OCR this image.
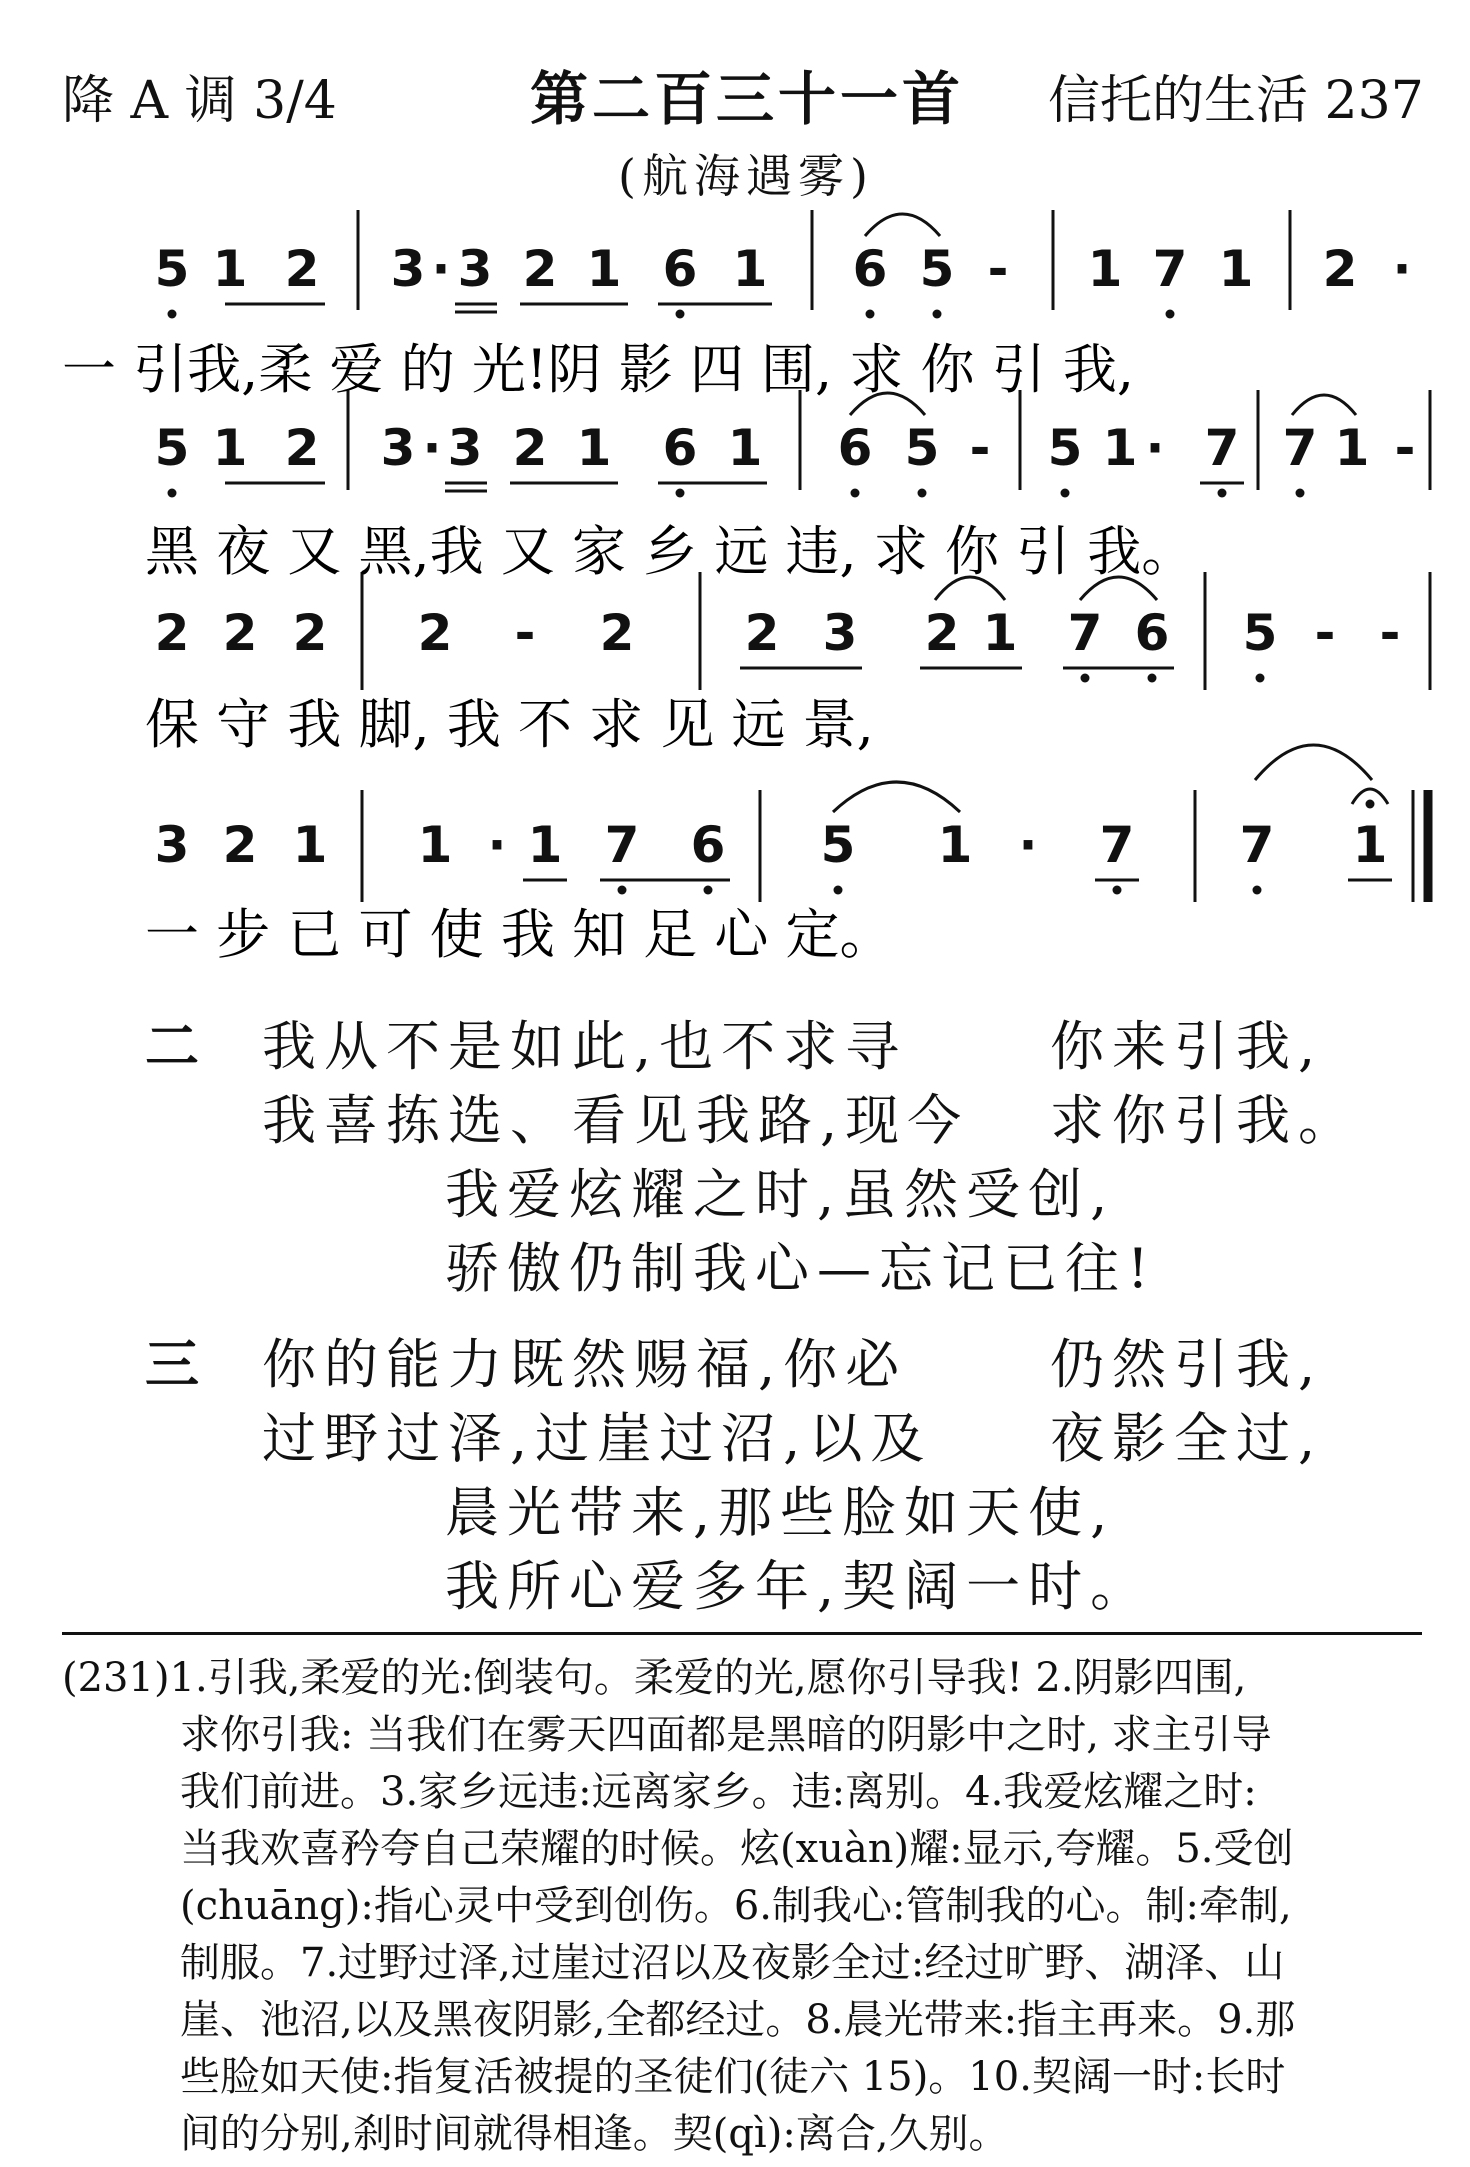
降 A 调 3/4	第二百三十一首 信托的生活 237
(航海遇雾)
5 1 2 3 · 3 2 1 6 1 6 5 - 1 7 1 2 ·
5 1 2 3 · 3 2 1 6 1 6 5 - 5 1 · 7 7 1 -
2 2 2 2 - 2 2 3 2 1 7 6 5 - -
3 2 1 1 · 1 7 6 5 1 · 7 7 1
一 引我,柔 爱 的 光!阴 影 四 围, 求 你 引 我,
黑 夜 又 黑,我 又 家 乡 远 违, 求 你 引 我。
保 守 我 脚, 我 不 求 见 远 景,
一 步 已 可 使 我 知 足 心 定。
二 我从不是如此,也不求寻	你来引我,
我喜拣选、看见我路,现今 求你引我。
我爱炫耀之时,虽然受创,
骄傲仍制我心—忘记已往!
三 你的能力既然赐福,你必	仍然引我,
过野过泽,过崖过沼,以及 夜影全过,
晨光带来,那些脸如天使,
我所心爱多年,契阔一时。
(231)1.引我,柔爱的光:倒装句。柔爱的光,愿你引导我! 2.阴影四围,
求你引我: 当我们在雾天四面都是黑暗的阴影中之时, 求主引导
我们前进。3.家乡远违:远离家乡。违:离别。4.我爱炫耀之时:
当我欢喜矜夸自己荣耀的时候。炫(xuàn)耀:显示,夸耀。5.受创
(chuāng):指心灵中受到创伤。6.制我心:管制我的心。制:牵制,
制服。7.过野过泽,过崖过沼以及夜影全过:经过旷野、湖泽、山
崖、池沼,以及黑夜阴影,全都经过。8.晨光带来:指主再来。9.那
些脸如天使:指复活被提的圣徒们(徒六 15)。10.契阔一时:长时
间的分别,刹时间就得相逢。契(qì):离合,久别。
